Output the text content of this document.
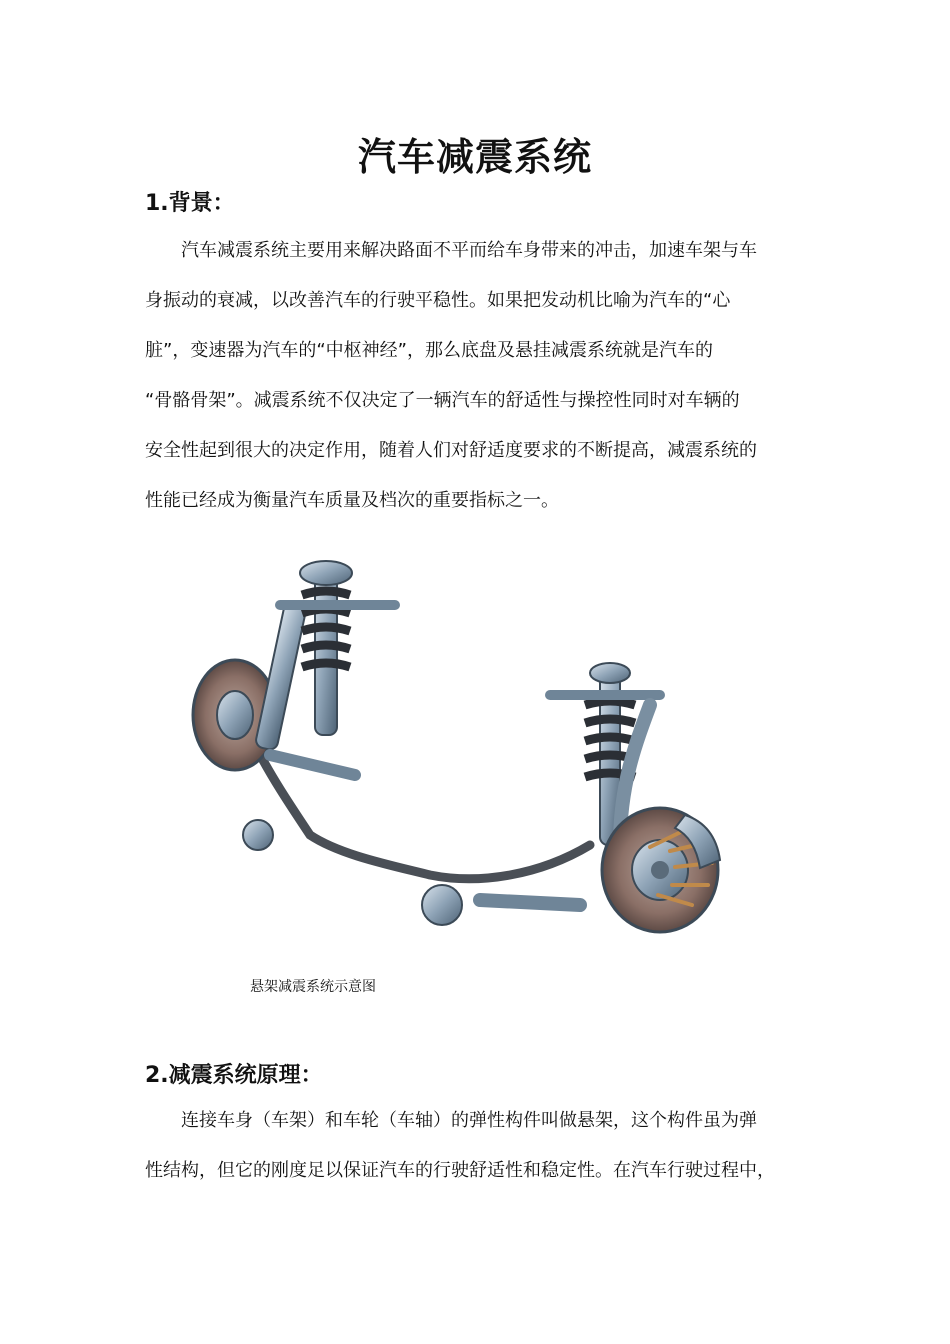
汽车减震系统
1.背景：

汽车减震系统主要用来解决路面不平而给车身带来的冲击，加速车架与车
身振动的衰减，以改善汽车的行驶平稳性。如果把发动机比喻为汽车的“心
脏”，变速器为汽车的“中枢神经”，那么底盘及悬挂减震系统就是汽车的
“骨骼骨架”。减震系统不仅决定了一辆汽车的舒适性与操控性同时对车辆的
安全性起到很大的决定作用，随着人们对舒适度要求的不断提高，减震系统的
性能已经成为衡量汽车质量及档次的重要指标之一。

悬架减震系统示意图

2.减震系统原理：

连接车身（车架）和车轮（车轴）的弹性构件叫做悬架，这个构件虽为弹
性结构，但它的刚度足以保证汽车的行驶舒适性和稳定性。在汽车行驶过程中，
